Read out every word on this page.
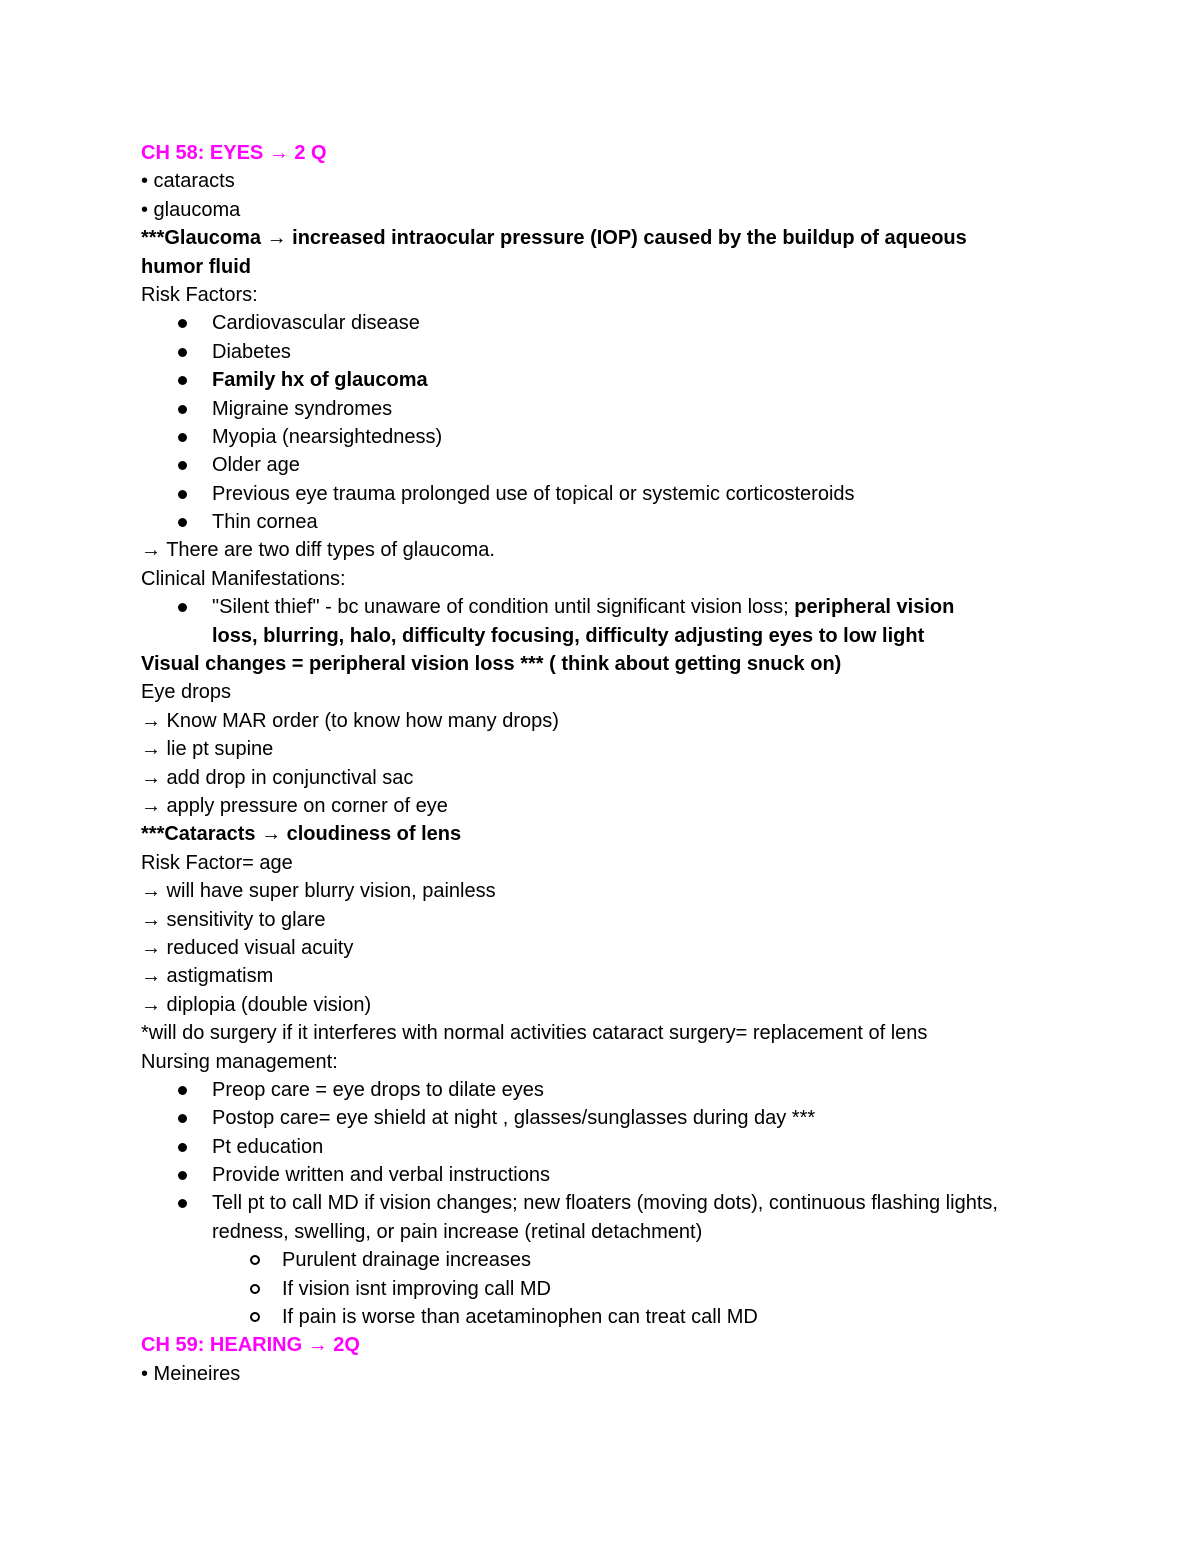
CH 58: EYES → 2 Q
• cataracts
• glaucoma
***Glaucoma → increased intraocular pressure (IOP) caused by the buildup of aqueous
humor fluid
Risk Factors:
Cardiovascular disease
Diabetes
Family hx of glaucoma
Migraine syndromes
Myopia (nearsightedness)
Older age
Previous eye trauma prolonged use of topical or systemic corticosteroids
Thin cornea
→ There are two diff types of glaucoma.
Clinical Manifestations:
"Silent thief" - bc unaware of condition until significant vision loss; peripheral vision
loss, blurring, halo, difficulty focusing, difficulty adjusting eyes to low light
Visual changes = peripheral vision loss *** ( think about getting snuck on)
Eye drops
→ Know MAR order (to know how many drops)
→ lie pt supine
→ add drop in conjunctival sac
→ apply pressure on corner of eye
***Cataracts → cloudiness of lens
Risk Factor= age
→ will have super blurry vision, painless
→ sensitivity to glare
→ reduced visual acuity
→ astigmatism
→ diplopia (double vision)
*will do surgery if it interferes with normal activities cataract surgery= replacement of lens
Nursing management:
Preop care = eye drops to dilate eyes
Postop care= eye shield at night , glasses/sunglasses during day ***
Pt education
Provide written and verbal instructions
Tell pt to call MD if vision changes; new floaters (moving dots), continuous flashing lights,
redness, swelling, or pain increase (retinal detachment)
Purulent drainage increases
If vision isnt improving call MD
If pain is worse than acetaminophen can treat call MD
CH 59: HEARING → 2Q
• Meineires
